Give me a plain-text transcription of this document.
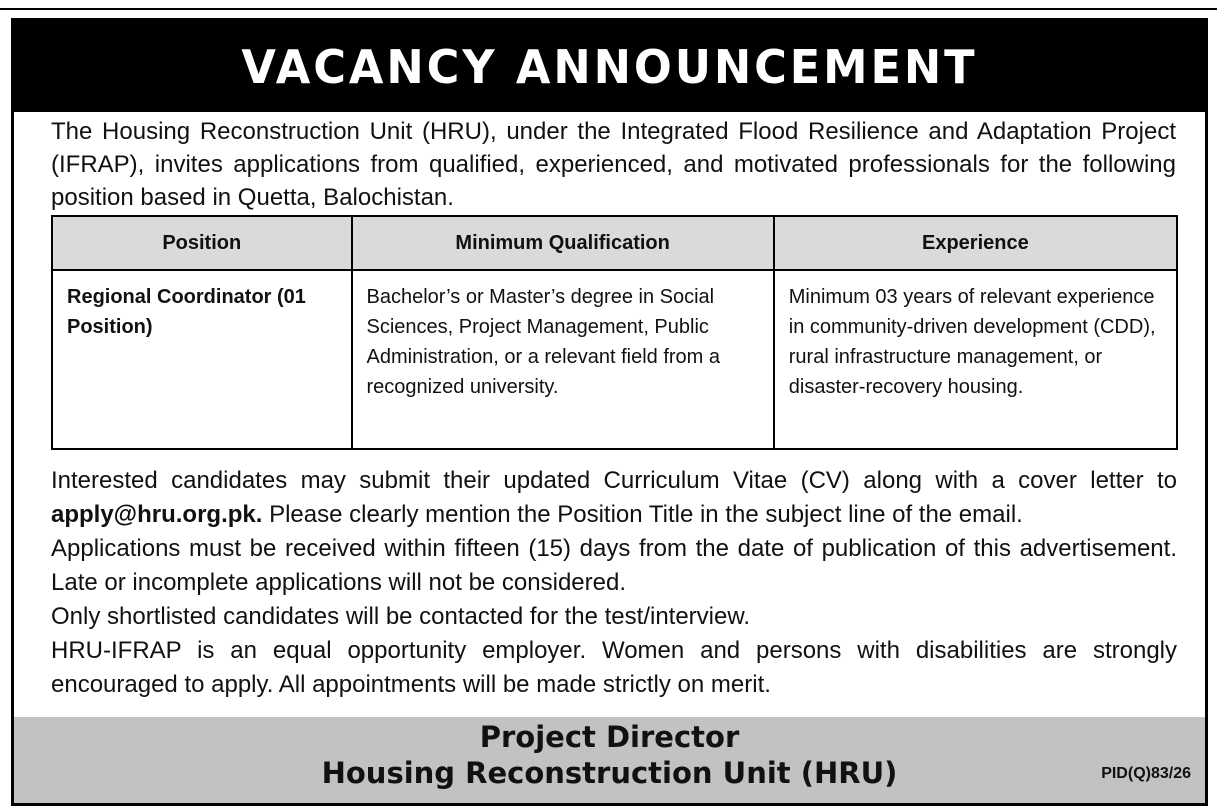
VACANCY ANNOUNCEMENT
The Housing Reconstruction Unit (HRU), under the Integrated Flood Resilience and Adaptation Project (IFRAP), invites applications from qualified, experienced, and motivated professionals for the following position based in Quetta, Balochistan.
Position	Minimum Qualification	Experience
Regional Coordinator (01 Position)	Bachelor’s or Master’s degree in Social Sciences, Project Management, Public Administration, or a relevant field from a recognized university.	Minimum 03 years of relevant experience in community-driven development (CDD), rural infrastructure management, or disaster-recovery housing.

Interested candidates may submit their updated Curriculum Vitae (CV) along with a cover letter to apply@hru.org.pk. Please clearly mention the Position Title in the subject line of the email.

Applications must be received within fifteen (15) days from the date of publication of this advertisement. Late or incomplete applications will not be considered.

Only shortlisted candidates will be contacted for the test/interview.

HRU-IFRAP is an equal opportunity employer. Women and persons with disabilities are strongly encouraged to apply. All appointments will be made strictly on merit.

Project Director
Housing Reconstruction Unit (HRU)	PID(Q)83/26
